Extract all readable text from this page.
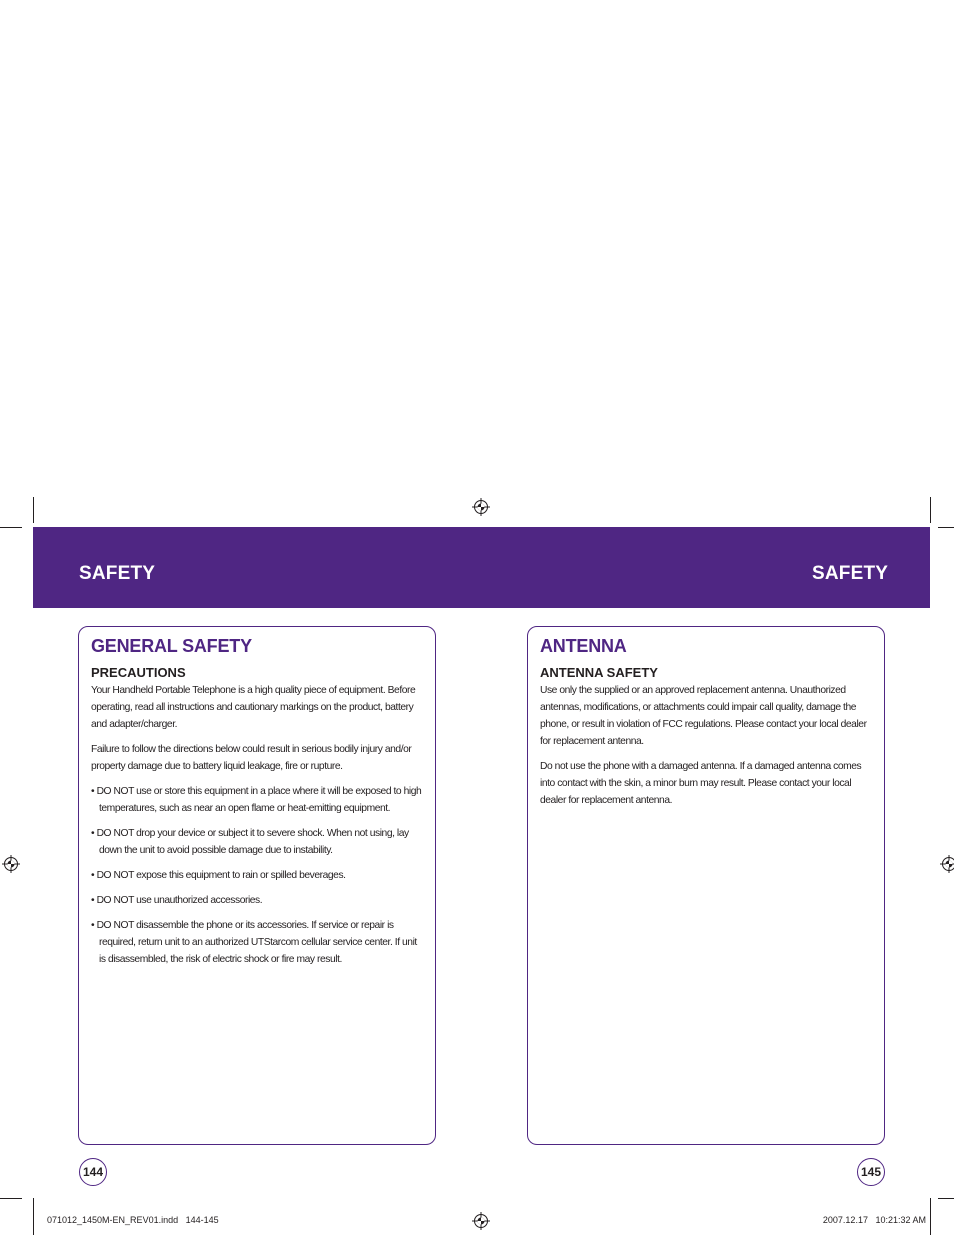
SAFETY	SAFETY
GENERAL SAFETY
PRECAUTIONS

Your Handheld Portable Telephone is a high quality piece of equipment. Before operating, read all instructions and cautionary markings on the product, battery and adapter/charger.

Failure to follow the directions below could result in serious bodily injury and/or property damage due to battery liquid leakage, fire or rupture.

• DO NOT use or store this equipment in a place where it will be exposed to high temperatures, such as near an open flame or heat-emitting equipment.

• DO NOT drop your device or subject it to severe shock. When not using, lay down the unit to avoid possible damage due to instability.

• DO NOT expose this equipment to rain or spilled beverages.

• DO NOT use unauthorized accessories.

• DO NOT disassemble the phone or its accessories. If service or repair is required, return unit to an authorized UTStarcom cellular service center. If unit is disassembled, the risk of electric shock or fire may result.

ANTENNA
ANTENNA SAFETY

Use only the supplied or an approved replacement antenna. Unauthorized antennas, modifications, or attachments could impair call quality, damage the phone, or result in violation of FCC regulations. Please contact your local dealer for replacement antenna.

Do not use the phone with a damaged antenna. If a damaged antenna comes into contact with the skin, a minor burn may result. Please contact your local dealer for replacement antenna.

144	145
071012_1450M-EN_REV01.indd   144-145	2007.12.17   10:21:32 AM
